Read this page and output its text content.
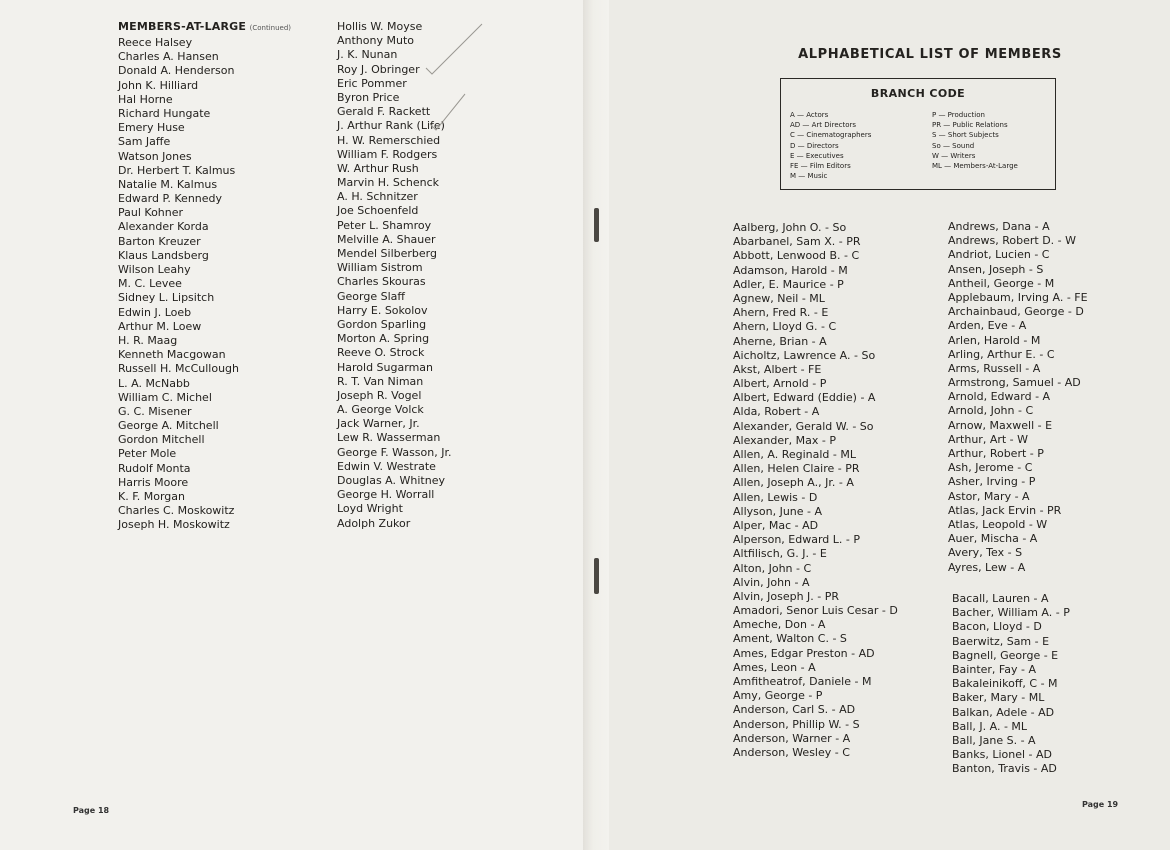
MEMBERS-AT-LARGE (Continued)
Reece Halsey
Charles A. Hansen
Donald A. Henderson
John K. Hilliard
Hal Horne
Richard Hungate
Emery Huse
Sam Jaffe
Watson Jones
Dr. Herbert T. Kalmus
Natalie M. Kalmus
Edward P. Kennedy
Paul Kohner
Alexander Korda
Barton Kreuzer
Klaus Landsberg
Wilson Leahy
M. C. Levee
Sidney L. Lipsitch
Edwin J. Loeb
Arthur M. Loew
H. R. Maag
Kenneth Macgowan
Russell H. McCullough
L. A. McNabb
William C. Michel
G. C. Misener
George A. Mitchell
Gordon Mitchell
Peter Mole
Rudolf Monta
Harris Moore
K. F. Morgan
Charles C. Moskowitz
Joseph H. Moskowitz
Hollis W. Moyse
Anthony Muto
J. K. Nunan
Roy J. Obringer
Eric Pommer
Byron Price
Gerald F. Rackett
J. Arthur Rank (Life)
H. W. Remerschied
William F. Rodgers
W. Arthur Rush
Marvin H. Schenck
A. H. Schnitzer
Joe Schoenfeld
Peter L. Shamroy
Melville A. Shauer
Mendel Silberberg
William Sistrom
Charles Skouras
George Slaff
Harry E. Sokolov
Gordon Sparling
Morton A. Spring
Reeve O. Strock
Harold Sugarman
R. T. Van Niman
Joseph R. Vogel
A. George Volck
Jack Warner, Jr.
Lew R. Wasserman
George F. Wasson, Jr.
Edwin V. Westrate
Douglas A. Whitney
George H. Worrall
Loyd Wright
Adolph Zukor
Page 18
ALPHABETICAL LIST OF MEMBERS
BRANCH CODE
A — Actors
AD — Art Directors
C — Cinematographers
D — Directors
E — Executives
FE — Film Editors
M — Music
P — Production
PR — Public Relations
S — Short Subjects
So — Sound
W — Writers
ML — Members-At-Large
Aalberg, John O. - So
Abarbanel, Sam X. - PR
Abbott, Lenwood B. - C
Adamson, Harold - M
Adler, E. Maurice - P
Agnew, Neil - ML
Ahern, Fred R. - E
Ahern, Lloyd G. - C
Aherne, Brian - A
Aicholtz, Lawrence A. - So
Akst, Albert - FE
Albert, Arnold - P
Albert, Edward (Eddie) - A
Alda, Robert - A
Alexander, Gerald W. - So
Alexander, Max - P
Allen, A. Reginald - ML
Allen, Helen Claire - PR
Allen, Joseph A., Jr. - A
Allen, Lewis - D
Allyson, June - A
Alper, Mac - AD
Alperson, Edward L. - P
Altfilisch, G. J. - E
Alton, John - C
Alvin, John - A
Alvin, Joseph J. - PR
Amadori, Senor Luis Cesar - D
Ameche, Don - A
Ament, Walton C. - S
Ames, Edgar Preston - AD
Ames, Leon - A
Amfitheatrof, Daniele - M
Amy, George - P
Anderson, Carl S. - AD
Anderson, Phillip W. - S
Anderson, Warner - A
Anderson, Wesley - C
Andrews, Dana - A
Andrews, Robert D. - W
Andriot, Lucien - C
Ansen, Joseph - S
Antheil, George - M
Applebaum, Irving A. - FE
Archainbaud, George - D
Arden, Eve - A
Arlen, Harold - M
Arling, Arthur E. - C
Arms, Russell - A
Armstrong, Samuel - AD
Arnold, Edward - A
Arnold, John - C
Arnow, Maxwell - E
Arthur, Art - W
Arthur, Robert - P
Ash, Jerome - C
Asher, Irving - P
Astor, Mary - A
Atlas, Jack Ervin - PR
Atlas, Leopold - W
Auer, Mischa - A
Avery, Tex - S
Ayres, Lew - A
Bacall, Lauren - A
Bacher, William A. - P
Bacon, Lloyd - D
Baerwitz, Sam - E
Bagnell, George - E
Bainter, Fay - A
Bakaleinikoff, C - M
Baker, Mary - ML
Balkan, Adele - AD
Ball, J. A. - ML
Ball, Jane S. - A
Banks, Lionel - AD
Banton, Travis - AD
Page 19
